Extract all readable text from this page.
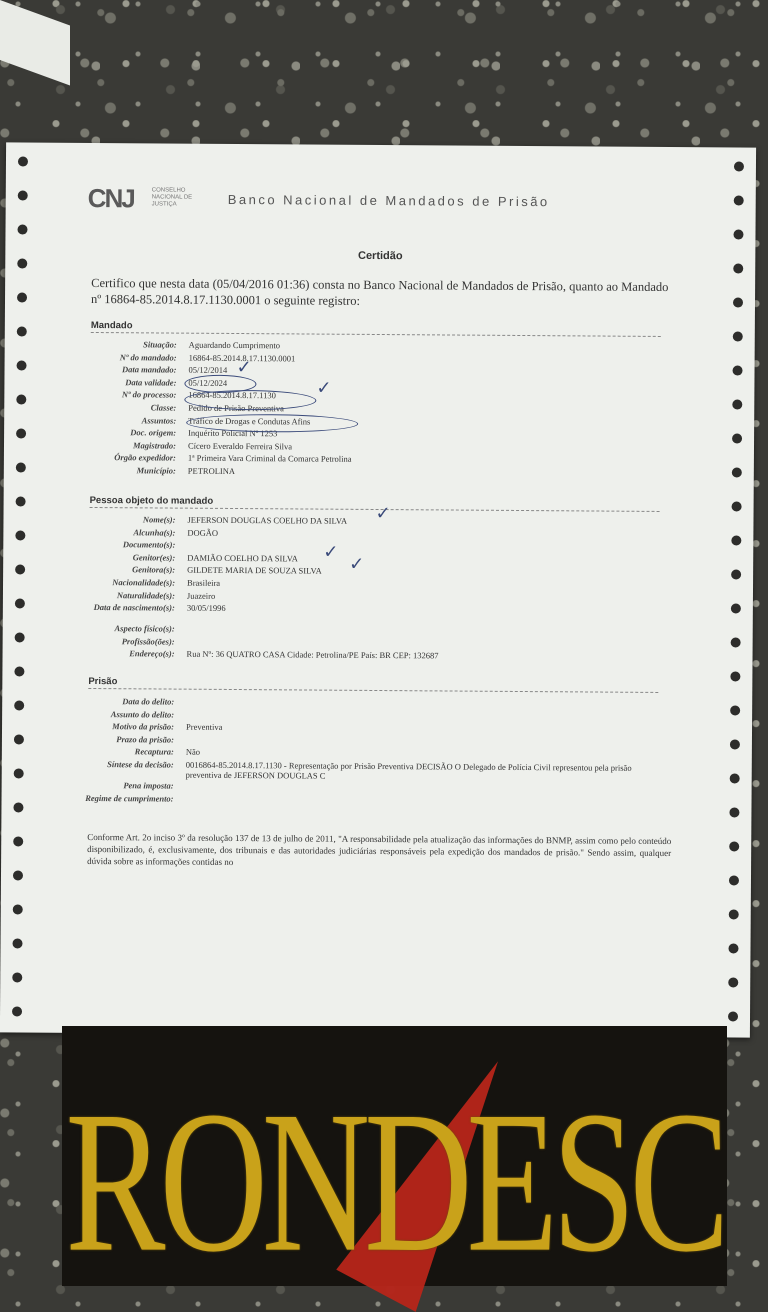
CNJ	CONSELHO NACIONAL DE JUSTIÇA	Banco Nacional de Mandados de Prisão
Certidão
Certifico que nesta data (05/04/2016 01:36) consta no Banco Nacional de Mandados de Prisão, quanto ao Mandado nº 16864-85.2014.8.17.1130.0001 o seguinte registro:
Mandado
Situação: Aguardando Cumprimento
Nº do mandado: 16864-85.2014.8.17.1130.0001
Data mandado: 05/12/2014
Data validade: 05/12/2024
Nº do processo: 16864-85.2014.8.17.1130
Classe: Pedido de Prisão Preventiva
Assuntos: Tráfico de Drogas e Condutas Afins
Doc. origem: Inquérito Policial Nº 1253
Magistrado: Cícero Everaldo Ferreira Silva
Órgão expedidor: 1ª Primeira Vara Criminal da Comarca Petrolina
Município: PETROLINA
Pessoa objeto do mandado
Nome(s): JEFERSON DOUGLAS COELHO DA SILVA
Alcunha(s): DOGÃO
Documento(s):
Genitor(es): DAMIÃO COELHO DA SILVA
Genitora(s): GILDETE MARIA DE SOUZA SILVA
Nacionalidade(s): Brasileira
Naturalidade(s): Juazeiro
Data de nascimento(s): 30/05/1996
Aspecto físico(s):
Profissão(ões):
Endereço(s): Rua Nº: 36 QUATRO CASA Cidade: Petrolina/PE País: BR CEP: 132687
Prisão
Data do delito:
Assunto do delito:
Motivo da prisão: Preventiva
Prazo da prisão:
Recaptura: Não
Síntese da decisão: 0016864-85.2014.8.17.1130 - Representação por Prisão Preventiva DECISÃO O Delegado de Polícia Civil representou pela prisão preventiva de JEFERSON DOUGLAS C
Pena imposta:
Regime de cumprimento:
Conforme Art. 2o inciso 3º da resolução 137 de 13 de julho de 2011, "A responsabilidade pela atualização das informações do BNMP, assim como pelo conteúdo disponibilizado, é, exclusivamente, dos tribunais e das autoridades judiciárias responsáveis pela expedição dos mandados de prisão." Sendo assim, qualquer dúvida sobre as informações contidas no
✓
✓
✓
✓
✓
RONDESC
